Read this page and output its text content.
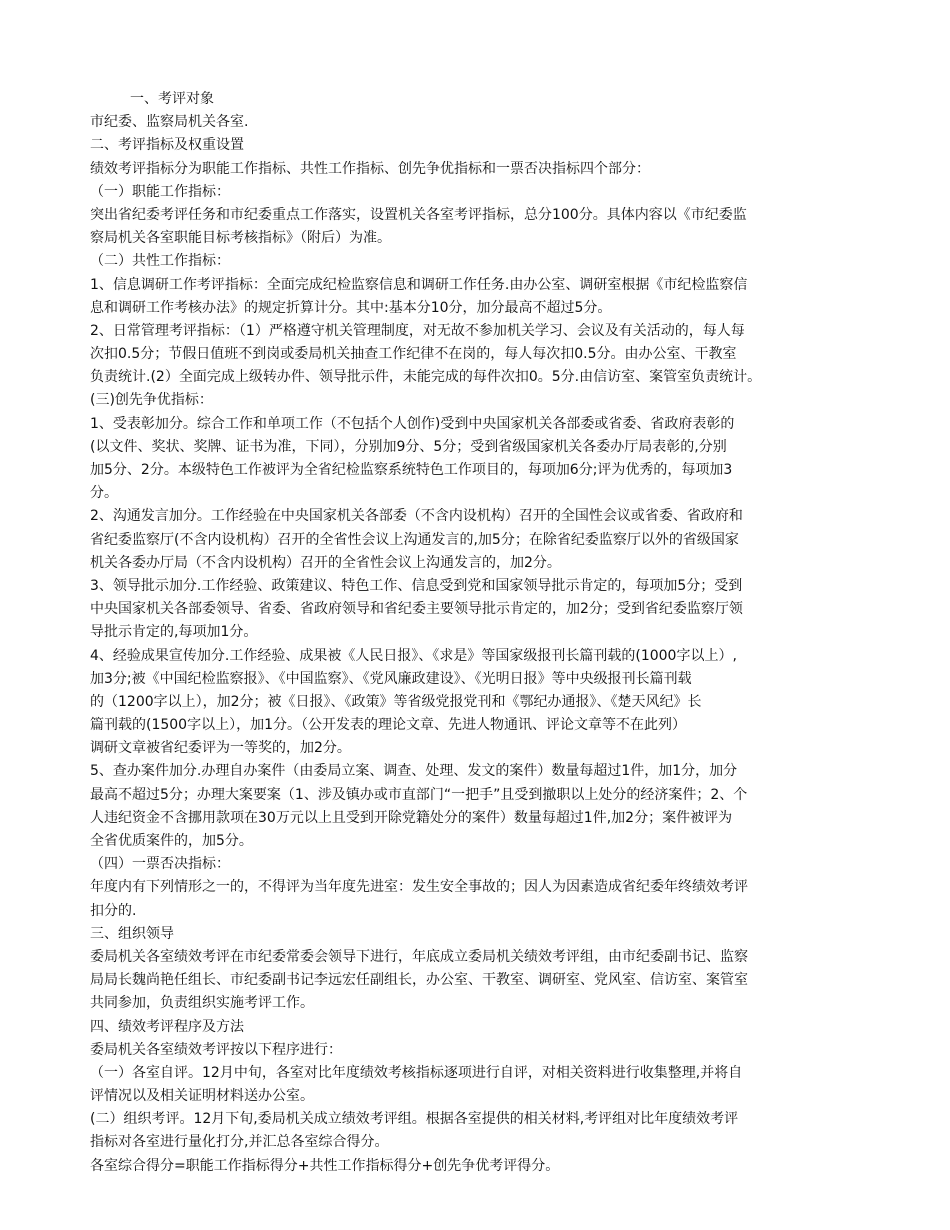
一、考评对象
市纪委、监察局机关各室.
二、考评指标及权重设置
绩效考评指标分为职能工作指标、共性工作指标、创先争优指标和一票否决指标四个部分：
（一）职能工作指标：
突出省纪委考评任务和市纪委重点工作落实，设置机关各室考评指标，总分100分。具体内容以《市纪委监
察局机关各室职能目标考核指标》（附后）为准。
（二）共性工作指标：
1、信息调研工作考评指标：全面完成纪检监察信息和调研工作任务.由办公室、调研室根据《市纪检监察信
息和调研工作考核办法》的规定折算计分。其中:基本分10分，加分最高不超过5分。
2、日常管理考评指标：（1）严格遵守机关管理制度，对无故不参加机关学习、会议及有关活动的，每人每
次扣0.5分；节假日值班不到岗或委局机关抽查工作纪律不在岗的，每人每次扣0.5分。由办公室、干教室
负责统计.(2）全面完成上级转办件、领导批示件，未能完成的每件次扣0。5分.由信访室、案管室负责统计。
(三)创先争优指标：
1、受表彰加分。综合工作和单项工作（不包括个人创作)受到中央国家机关各部委或省委、省政府表彰的
(以文件、奖状、奖牌、证书为准，下同），分别加9分、5分；受到省级国家机关各委办厅局表彰的,分别
加5分、2分。本级特色工作被评为全省纪检监察系统特色工作项目的，每项加6分;评为优秀的，每项加3
分。
2、沟通发言加分。工作经验在中央国家机关各部委（不含内设机构）召开的全国性会议或省委、省政府和
省纪委监察厅(不含内设机构）召开的全省性会议上沟通发言的,加5分；在除省纪委监察厅以外的省级国家
机关各委办厅局（不含内设机构）召开的全省性会议上沟通发言的，加2分。
3、领导批示加分.工作经验、政策建议、特色工作、信息受到党和国家领导批示肯定的，每项加5分；受到
中央国家机关各部委领导、省委、省政府领导和省纪委主要领导批示肯定的，加2分；受到省纪委监察厅领
导批示肯定的,每项加1分。
4、经验成果宣传加分.工作经验、成果被《人民日报》、《求是》等国家级报刊长篇刊载的(1000字以上）,
加3分;被《中国纪检监察报》、《中国监察》、《党风廉政建设》、《光明日报》等中央级报刊长篇刊载
的（1200字以上），加2分；被《日报》、《政策》等省级党报党刊和《鄂纪办通报》、《楚天风纪》长
篇刊载的(1500字以上），加1分。（公开发表的理论文章、先进人物通讯、评论文章等不在此列）
调研文章被省纪委评为一等奖的，加2分。
5、查办案件加分.办理自办案件（由委局立案、调查、处理、发文的案件）数量每超过1件，加1分，加分
最高不超过5分；办理大案要案（1、涉及镇办或市直部门“一把手”且受到撤职以上处分的经济案件；2、个
人违纪资金不含挪用款项在30万元以上且受到开除党籍处分的案件）数量每超过1件,加2分；案件被评为
全省优质案件的，加5分。
（四）一票否决指标：
年度内有下列情形之一的，不得评为当年度先进室：发生安全事故的；因人为因素造成省纪委年终绩效考评
扣分的.
三、组织领导
委局机关各室绩效考评在市纪委常委会领导下进行，年底成立委局机关绩效考评组，由市纪委副书记、监察
局局长魏尚艳任组长、市纪委副书记李远宏任副组长，办公室、干教室、调研室、党风室、信访室、案管室
共同参加，负责组织实施考评工作。
四、绩效考评程序及方法
委局机关各室绩效考评按以下程序进行：
（一）各室自评。12月中旬，各室对比年度绩效考核指标逐项进行自评，对相关资料进行收集整理,并将自
评情况以及相关证明材料送办公室。
(二）组织考评。12月下旬,委局机关成立绩效考评组。根据各室提供的相关材料,考评组对比年度绩效考评
指标对各室进行量化打分,并汇总各室综合得分。
各室综合得分=职能工作指标得分+共性工作指标得分+创先争优考评得分。
